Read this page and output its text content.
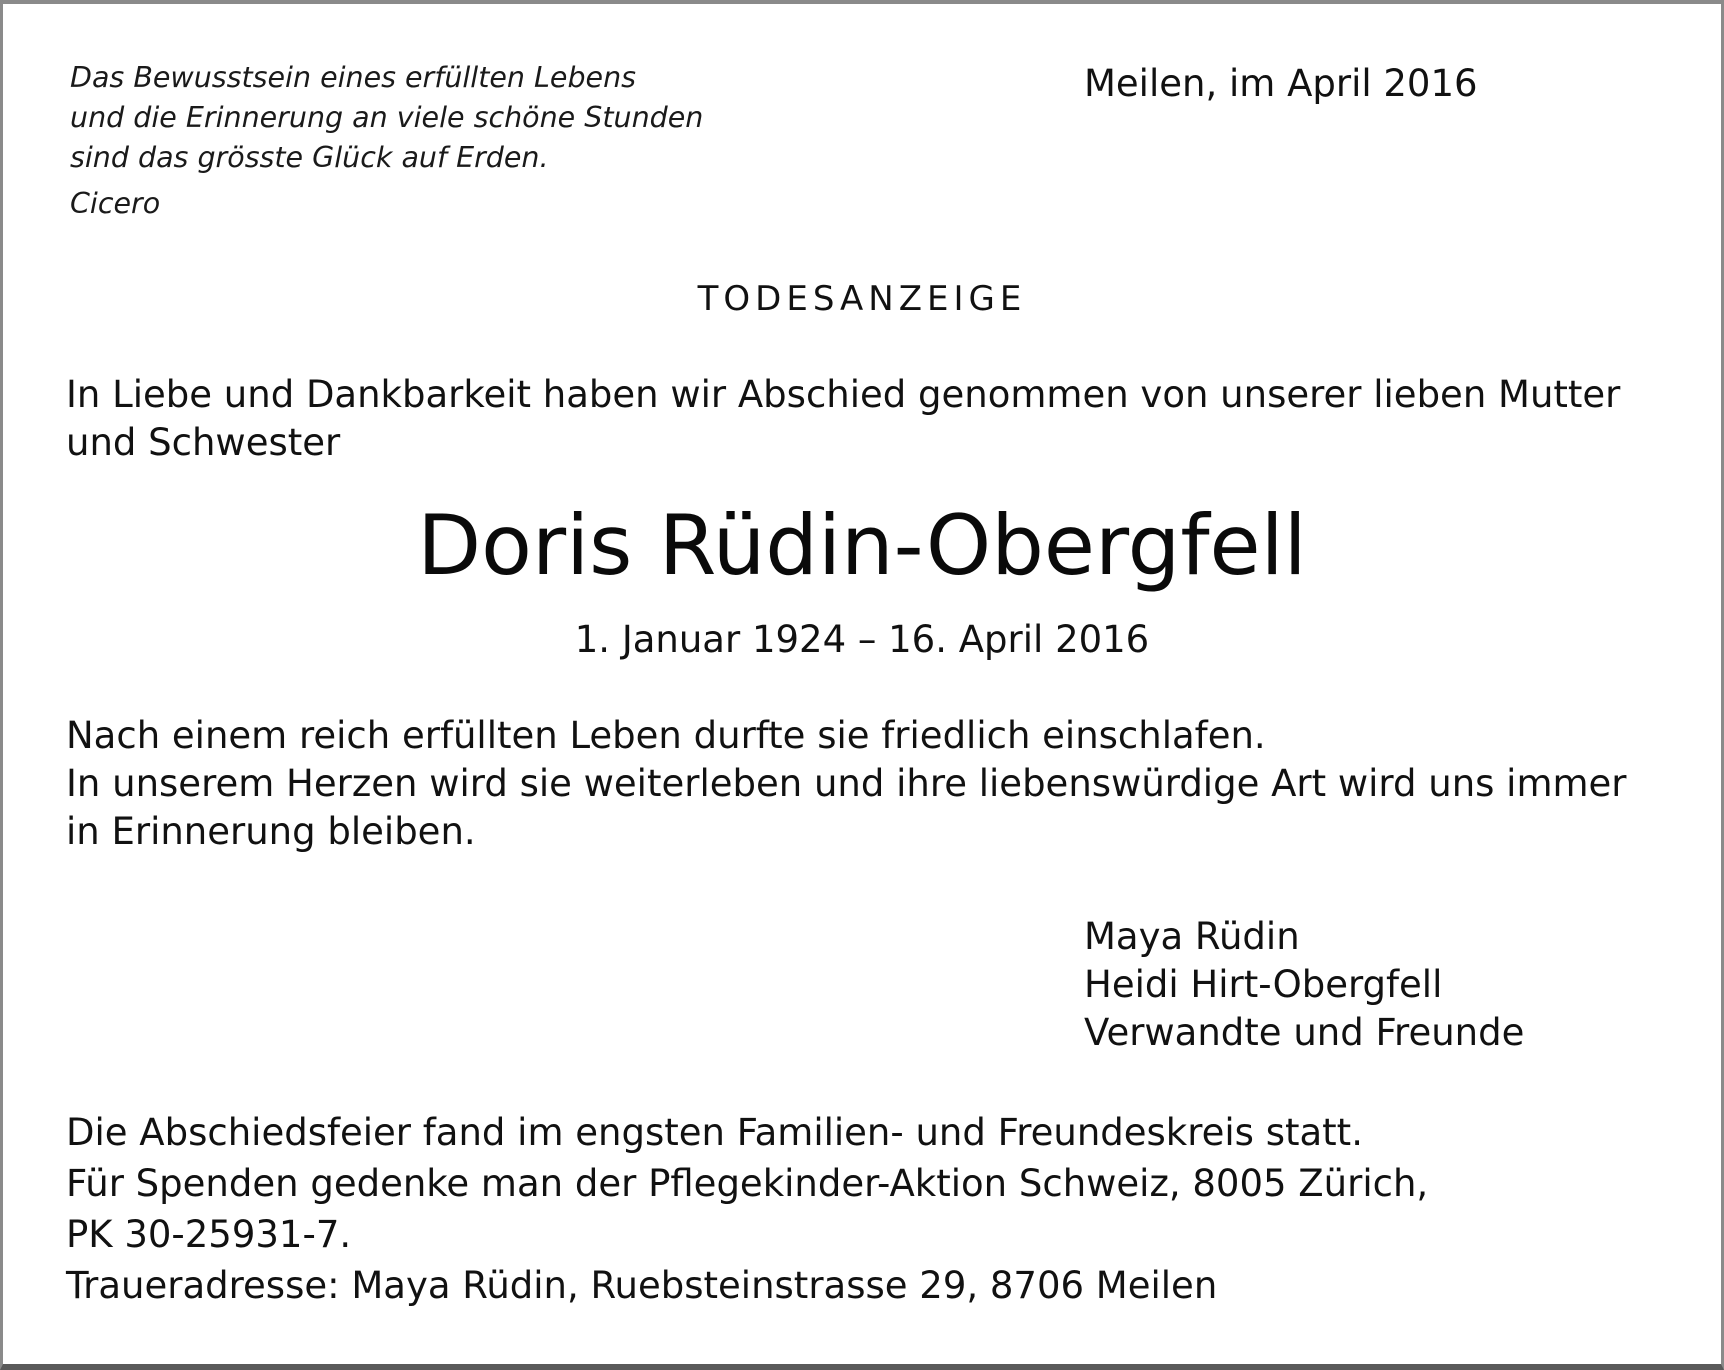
Das Bewusstsein eines erfüllten Lebens
und die Erinnerung an viele schöne Stunden
sind das grösste Glück auf Erden.
Cicero
Meilen, im April 2016
TODESANZEIGE
In Liebe und Dankbarkeit haben wir Abschied genommen von unserer lieben Mutter
und Schwester
Doris Rüdin-Obergfell
1. Januar 1924 – 16. April 2016
Nach einem reich erfüllten Leben durfte sie friedlich einschlafen.
In unserem Herzen wird sie weiterleben und ihre liebenswürdige Art wird uns immer
in Erinnerung bleiben.
Maya Rüdin
Heidi Hirt-Obergfell
Verwandte und Freunde
Die Abschiedsfeier fand im engsten Familien- und Freundeskreis statt.
Für Spenden gedenke man der Pflegekinder-Aktion Schweiz, 8005 Zürich,
PK 30-25931-7.
Traueradresse: Maya Rüdin, Ruebsteinstrasse 29, 8706 Meilen
